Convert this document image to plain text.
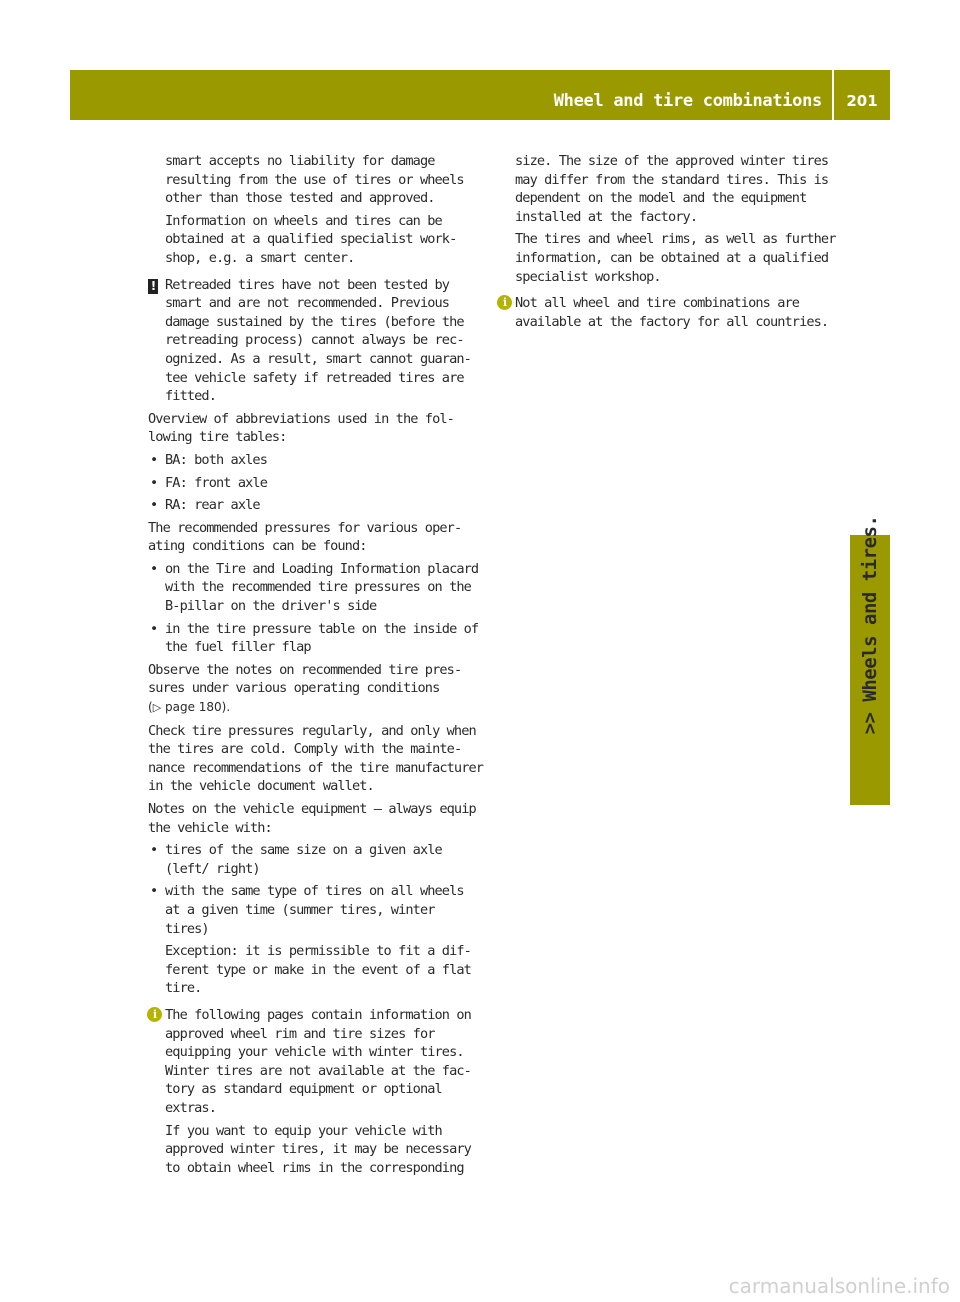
Wheel and tire combinations	201
>> Wheels and tires.
smart accepts no liability for damage resulting from the use of tires or wheels other than those tested and approved.
Information on wheels and tires can be obtained at a qualified specialist workshop, e.g. a smart center.
! Retreaded tires have not been tested by smart and are not recommended. Previous damage sustained by the tires (before the retreading process) cannot always be recognized. As a result, smart cannot guarantee vehicle safety if retreaded tires are fitted.
Overview of abbreviations used in the following tire tables:
• BA: both axles
• FA: front axle
• RA: rear axle
The recommended pressures for various operating conditions can be found:
• on the Tire and Loading Information placard with the recommended tire pressures on the B-pillar on the driver's side
• in the tire pressure table on the inside of the fuel filler flap
Observe the notes on recommended tire pressures under various operating conditions
(▷ page 180).
Check tire pressures regularly, and only when the tires are cold. Comply with the maintenance recommendations of the tire manufacturer in the vehicle document wallet.
Notes on the vehicle equipment – always equip the vehicle with:
• tires of the same size on a given axle (left/ right)
• with the same type of tires on all wheels at a given time (summer tires, winter tires)
Exception: it is permissible to fit a different type or make in the event of a flat tire.
i The following pages contain information on approved wheel rim and tire sizes for equipping your vehicle with winter tires. Winter tires are not available at the factory as standard equipment or optional extras.
If you want to equip your vehicle with approved winter tires, it may be necessary to obtain wheel rims in the corresponding
size. The size of the approved winter tires may differ from the standard tires. This is dependent on the model and the equipment installed at the factory.
The tires and wheel rims, as well as further information, can be obtained at a qualified specialist workshop.
i Not all wheel and tire combinations are available at the factory for all countries.
carmanualsonline.info
